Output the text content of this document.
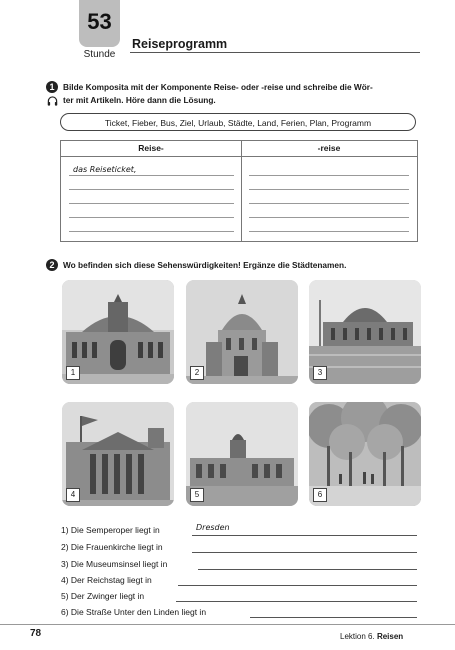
53
Stunde
Reiseprogramm
1	Bilde Komposita mit der Komponente Reise- oder -reise und schreibe die Wör-
ter mit Artikeln. Höre dann die Lösung.
Ticket, Fieber, Bus, Ziel, Urlaub, Städte, Land, Ferien, Plan, Programm
Reise-	-reise
das Reiseticket,
2	Wo befinden sich diese Sehenswürdigkeiten! Ergänze die Städtenamen.
1	2	3
4	5	6
1) Die Semperoper liegt in	Dresden
2) Die Frauenkirche liegt in
3) Die Museumsinsel liegt in
4) Der Reichstag liegt in
5) Der Zwinger liegt in
6) Die Straße Unter den Linden liegt in
78	Lektion 6. Reisen
